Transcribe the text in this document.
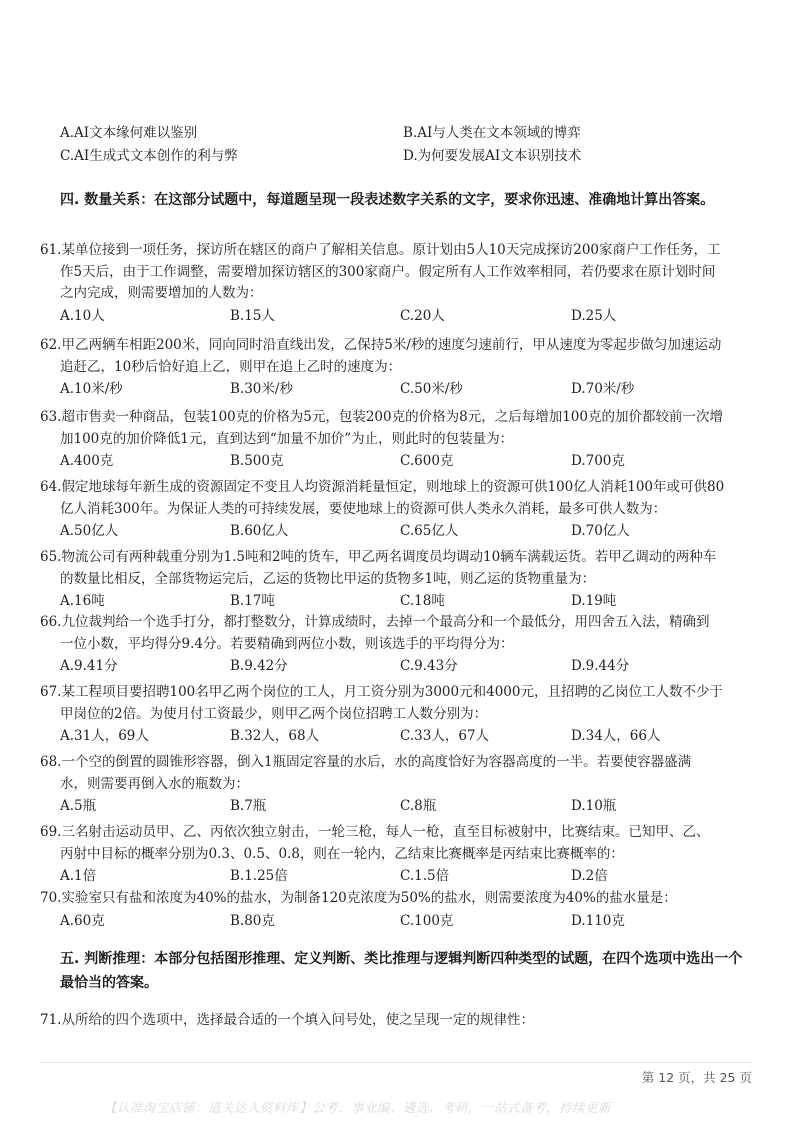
A.AI文本缘何难以鉴别	B.AI与人类在文本领域的博弈
C.AI生成式文本创作的利与弊	D.为何要发展AI文本识别技术
四. 数量关系：在这部分试题中，每道题呈现一段表述数字关系的文字，要求你迅速、准确地计算出答案。
61.某单位接到一项任务，探访所在辖区的商户了解相关信息。原计划由5人10天完成探访200家商户工作任务，工
作5天后，由于工作调整，需要增加探访辖区的300家商户。假定所有人工作效率相同，若仍要求在原计划时间
之内完成，则需要增加的人数为：
A.10人	B.15人	C.20人	D.25人
62.甲乙两辆车相距200米，同向同时沿直线出发，乙保持5米/秒的速度匀速前行，甲从速度为零起步做匀加速运动
追赶乙，10秒后恰好追上乙，则甲在追上乙时的速度为：
A.10米/秒	B.30米/秒	C.50米/秒	D.70米/秒
63.超市售卖一种商品，包装100克的价格为5元，包装200克的价格为8元，之后每增加100克的加价都较前一次增
加100克的加价降低1元，直到达到“加量不加价”为止，则此时的包装量为：
A.400克	B.500克	C.600克	D.700克
64.假定地球每年新生成的资源固定不变且人均资源消耗量恒定，则地球上的资源可供100亿人消耗100年或可供80
亿人消耗300年。为保证人类的可持续发展，要使地球上的资源可供人类永久消耗，最多可供人数为：
A.50亿人	B.60亿人	C.65亿人	D.70亿人
65.物流公司有两种载重分别为1.5吨和2吨的货车，甲乙两名调度员均调动10辆车满载运货。若甲乙调动的两种车
的数量比相反，全部货物运完后，乙运的货物比甲运的货物多1吨，则乙运的货物重量为：
A.16吨	B.17吨	C.18吨	D.19吨
66.九位裁判给一个选手打分，都打整数分，计算成绩时，去掉一个最高分和一个最低分，用四舍五入法，精确到
一位小数，平均得分9.4分。若要精确到两位小数，则该选手的平均得分为：
A.9.41分	B.9.42分	C.9.43分	D.9.44分
67.某工程项目要招聘100名甲乙两个岗位的工人，月工资分别为3000元和4000元，且招聘的乙岗位工人数不少于
甲岗位的2倍。为使月付工资最少，则甲乙两个岗位招聘工人数分别为：
A.31人，69人	B.32人，68人	C.33人，67人	D.34人，66人
68.一个空的倒置的圆锥形容器，倒入1瓶固定容量的水后，水的高度恰好为容器高度的一半。若要使容器盛满
水，则需要再倒入水的瓶数为：
A.5瓶	B.7瓶	C.8瓶	D.10瓶
69.三名射击运动员甲、乙、丙依次独立射击，一轮三枪，每人一枪，直至目标被射中，比赛结束。已知甲、乙、
丙射中目标的概率分别为0.3、0.5、0.8，则在一轮内，乙结束比赛概率是丙结束比赛概率的：
A.1倍	B.1.25倍	C.1.5倍	D.2倍
70.实验室只有盐和浓度为40%的盐水，为制备120克浓度为50%的盐水，则需要浓度为40%的盐水量是：
A.60克	B.80克	C.100克	D.110克
五. 判断推理：本部分包括图形推理、定义判断、类比推理与逻辑判断四种类型的试题，在四个选项中选出一个最恰当的答案。
71.从所给的四个选项中，选择最合适的一个填入问号处，使之呈现一定的规律性：
第 12 页，共 25 页
【认准淘宝店铺：道关达人资料库】公考、事业编、遴选、考研，一站式备考，持续更新
